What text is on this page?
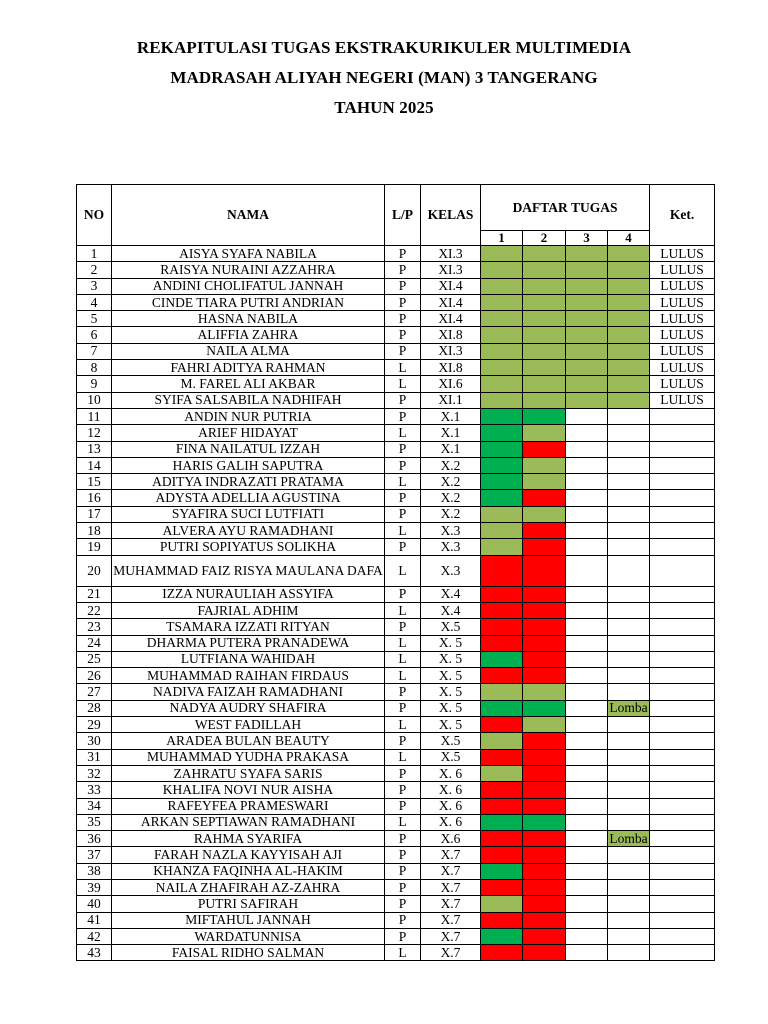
REKAPITULASI TUGAS EKSTRAKURIKULER MULTIMEDIA
MADRASAH ALIYAH NEGERI (MAN) 3 TANGERANG
TAHUN 2025
NO	NAMA	L/P	KELAS	DAFTAR TUGAS				Ket.
				1	2	3	4	
1	AISYA SYAFA NABILA	P	XI.3					LULUS
2	RAISYA NURAINI AZZAHRA	P	XI.3					LULUS
3	ANDINI CHOLIFATUL JANNAH	P	XI.4					LULUS
4	CINDE TIARA PUTRI ANDRIAN	P	XI.4					LULUS
5	HASNA NABILA	P	XI.4					LULUS
6	ALIFFIA ZAHRA	P	XI.8					LULUS
7	NAILA ALMA	P	XI.3					LULUS
8	FAHRI ADITYA RAHMAN	L	XI.8					LULUS
9	M. FAREL ALI AKBAR	L	XI.6					LULUS
10	SYIFA SALSABILA NADHIFAH	P	XI.1					LULUS
11	ANDIN NUR PUTRIA	P	X.1					
12	ARIEF HIDAYAT	L	X.1					
13	FINA NAILATUL IZZAH	P	X.1					
14	HARIS GALIH SAPUTRA	P	X.2					
15	ADITYA INDRAZATI PRATAMA	L	X.2					
16	ADYSTA ADELLIA AGUSTINA	P	X.2					
17	SYAFIRA SUCI LUTFIATI	P	X.2					
18	ALVERA AYU RAMADHANI	L	X.3					
19	PUTRI SOPIYATUS SOLIKHA	P	X.3					
20	MUHAMMAD FAIZ RISYA MAULANA DAFA	L	X.3					
21	IZZA NURAULIAH ASSYIFA	P	X.4					
22	FAJRIAL ADHIM	L	X.4					
23	TSAMARA IZZATI RITYAN	P	X.5					
24	DHARMA PUTERA PRANADEWA	L	X. 5					
25	LUTFIANA WAHIDAH	L	X. 5					
26	MUHAMMAD RAIHAN FIRDAUS	L	X. 5					
27	NADIVA FAIZAH RAMADHANI	P	X. 5					
28	NADYA AUDRY SHAFIRA	P	X. 5				Lomba	
29	WEST FADILLAH	L	X. 5					
30	ARADEA BULAN BEAUTY	P	X.5					
31	MUHAMMAD YUDHA PRAKASA	L	X.5					
32	ZAHRATU SYAFA SARIS	P	X. 6					
33	KHALIFA NOVI NUR AISHA	P	X. 6					
34	RAFEYFEA PRAMESWARI	P	X. 6					
35	ARKAN SEPTIAWAN RAMADHANI	L	X. 6					
36	RAHMA SYARIFA	P	X.6				Lomba	
37	FARAH NAZLA KAYYISAH AJI	P	X.7					
38	KHANZA FAQINHA AL-HAKIM	P	X.7					
39	NAILA ZHAFIRAH AZ-ZAHRA	P	X.7					
40	PUTRI SAFIRAH	P	X.7					
41	MIFTAHUL JANNAH	P	X.7					
42	WARDATUNNISA	P	X.7					
43	FAISAL RIDHO SALMAN	L	X.7					
